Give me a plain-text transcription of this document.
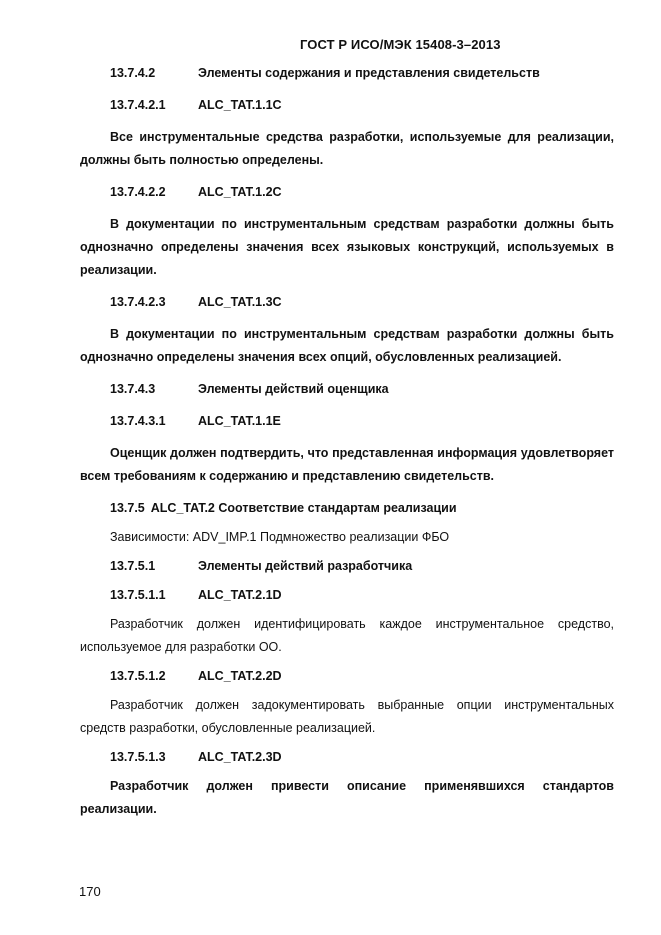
ГОСТ Р ИСО/МЭК 15408-3–2013
13.7.4.2	Элементы содержания и представления свидетельств
13.7.4.2.1	ALC_TAT.1.1C

Все инструментальные средства разработки, используемые для реализации, должны быть полностью определены.

13.7.4.2.2	ALC_TAT.1.2C

В документации по инструментальным средствам разработки должны быть однозначно определены значения всех языковых конструкций, используемых в реализации.

13.7.4.2.3	ALC_TAT.1.3C

В документации по инструментальным средствам разработки должны быть однозначно определены значения всех опций, обусловленных реализацией.

13.7.4.3	Элементы действий оценщика
13.7.4.3.1	ALC_TAT.1.1E

Оценщик должен подтвердить, что представленная информация удовлетворяет всем требованиям к содержанию и представлению свидетельств.

13.7.5 ALC_TAT.2 Соответствие стандартам реализации

Зависимости: ADV_IMP.1 Подмножество реализации ФБО

13.7.5.1	Элементы действий разработчика
13.7.5.1.1	ALC_TAT.2.1D

Разработчик должен идентифицировать каждое инструментальное средство, используемое для разработки ОО.

13.7.5.1.2	ALC_TAT.2.2D

Разработчик должен задокументировать выбранные опции инструментальных средств разработки, обусловленные реализацией.

13.7.5.1.3	ALC_TAT.2.3D

Разработчик должен привести описание применявшихся стандартов реализации.

170
